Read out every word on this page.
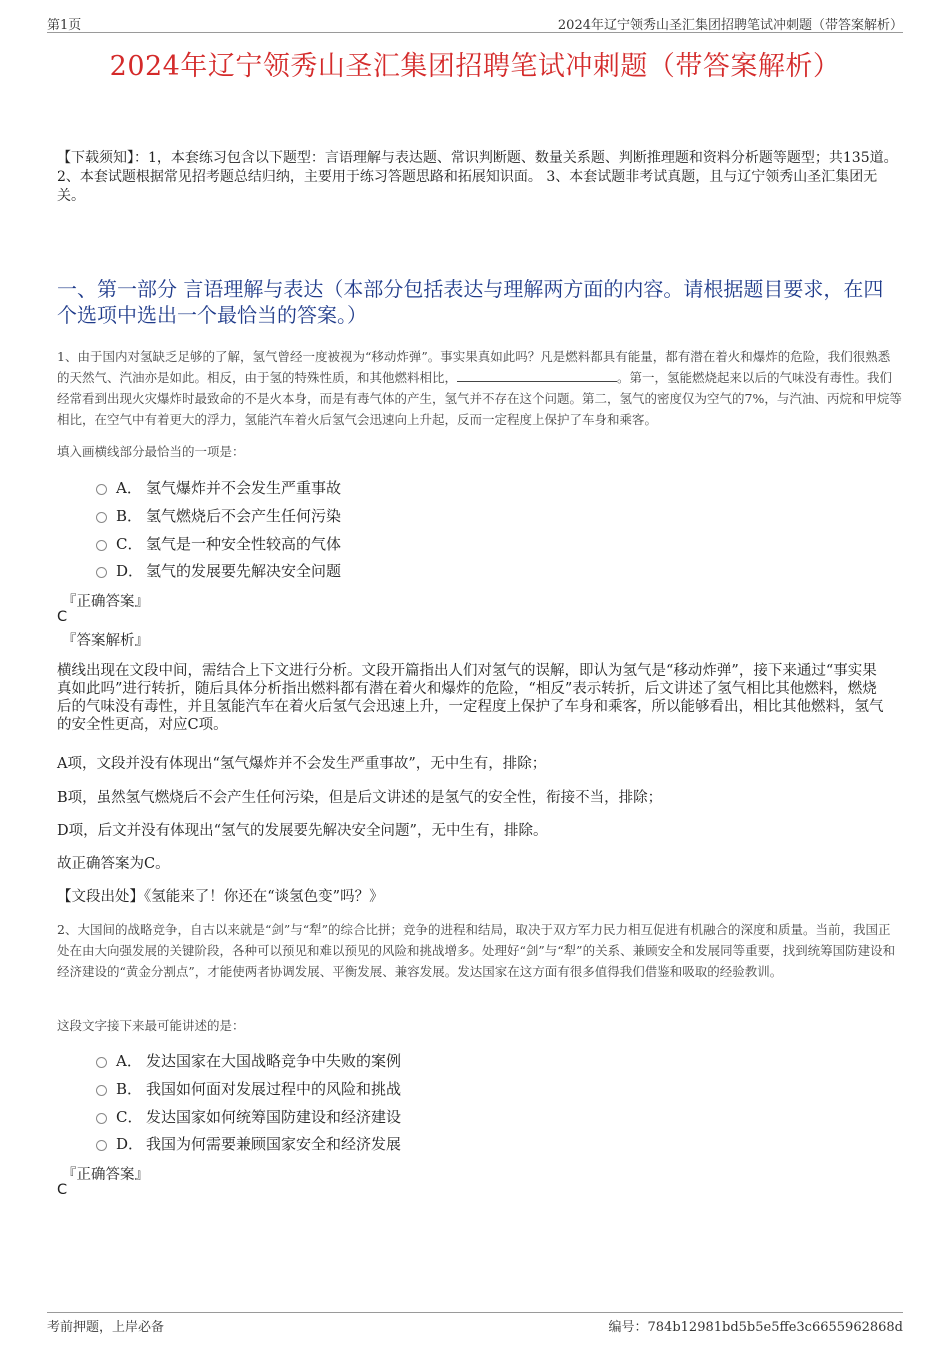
第1页	2024年辽宁领秀山圣汇集团招聘笔试冲刺题（带答案解析）
2024年辽宁领秀山圣汇集团招聘笔试冲刺题（带答案解析）
【下载须知】：1，本套练习包含以下题型：言语理解与表达题、常识判断题、数量关系题、判断推理题和资料分析题等题型；共135道。 2、本套试题根据常见招考题总结归纳，主要用于练习答题思路和拓展知识面。 3、本套试题非考试真题，且与辽宁领秀山圣汇集团无关。
一、第一部分 言语理解与表达（本部分包括表达与理解两方面的内容。请根据题目要求，在四个选项中选出一个最恰当的答案。）
1、由于国内对氢缺乏足够的了解，氢气曾经一度被视为“移动炸弹”。事实果真如此吗？凡是燃料都具有能量，都有潜在着火和爆炸的危险，我们很熟悉的天然气、汽油亦是如此。相反，由于氢的特殊性质，和其他燃料相比，	。第一，氢能燃烧起来以后的气味没有毒性。我们经常看到出现火灾爆炸时最致命的不是火本身，而是有毒气体的产生，氢气并不存在这个问题。第二，氢气的密度仅为空气的7%，与汽油、丙烷和甲烷等相比，在空气中有着更大的浮力，氢能汽车着火后氢气会迅速向上升起，反而一定程度上保护了车身和乘客。
填入画横线部分最恰当的一项是：
A． 氢气爆炸并不会发生严重事故
B． 氢气燃烧后不会产生任何污染
C． 氢气是一种安全性较高的气体
D． 氢气的发展要先解决安全问题
『正确答案』
C
『答案解析』
横线出现在文段中间，需结合上下文进行分析。文段开篇指出人们对氢气的误解，即认为氢气是“移动炸弹”，接下来通过“事实果真如此吗”进行转折，随后具体分析指出燃料都有潜在着火和爆炸的危险，“相反”表示转折，后文讲述了氢气相比其他燃料，燃烧后的气味没有毒性，并且氢能汽车在着火后氢气会迅速上升，一定程度上保护了车身和乘客，所以能够看出，相比其他燃料，氢气的安全性更高，对应C项。
A项，文段并没有体现出“氢气爆炸并不会发生严重事故”，无中生有，排除；
B项，虽然氢气燃烧后不会产生任何污染，但是后文讲述的是氢气的安全性，衔接不当，排除；
D项，后文并没有体现出“氢气的发展要先解决安全问题”，无中生有，排除。
故正确答案为C。
【文段出处】《氢能来了！你还在“谈氢色变”吗？》
2、大国间的战略竞争，自古以来就是“剑”与“犁”的综合比拼；竞争的进程和结局，取决于双方军力民力相互促进有机融合的深度和质量。当前，我国正处在由大向强发展的关键阶段，各种可以预见和难以预见的风险和挑战增多。处理好“剑”与“犁”的关系、兼顾安全和发展同等重要，找到统筹国防建设和经济建设的“黄金分割点”，才能使两者协调发展、平衡发展、兼容发展。发达国家在这方面有很多值得我们借鉴和吸取的经验教训。
这段文字接下来最可能讲述的是：
A． 发达国家在大国战略竞争中失败的案例
B． 我国如何面对发展过程中的风险和挑战
C． 发达国家如何统筹国防建设和经济建设
D． 我国为何需要兼顾国家安全和经济发展
『正确答案』
C
考前押题，上岸必备	编号：784b12981bd5b5e5ffe3c6655962868d
